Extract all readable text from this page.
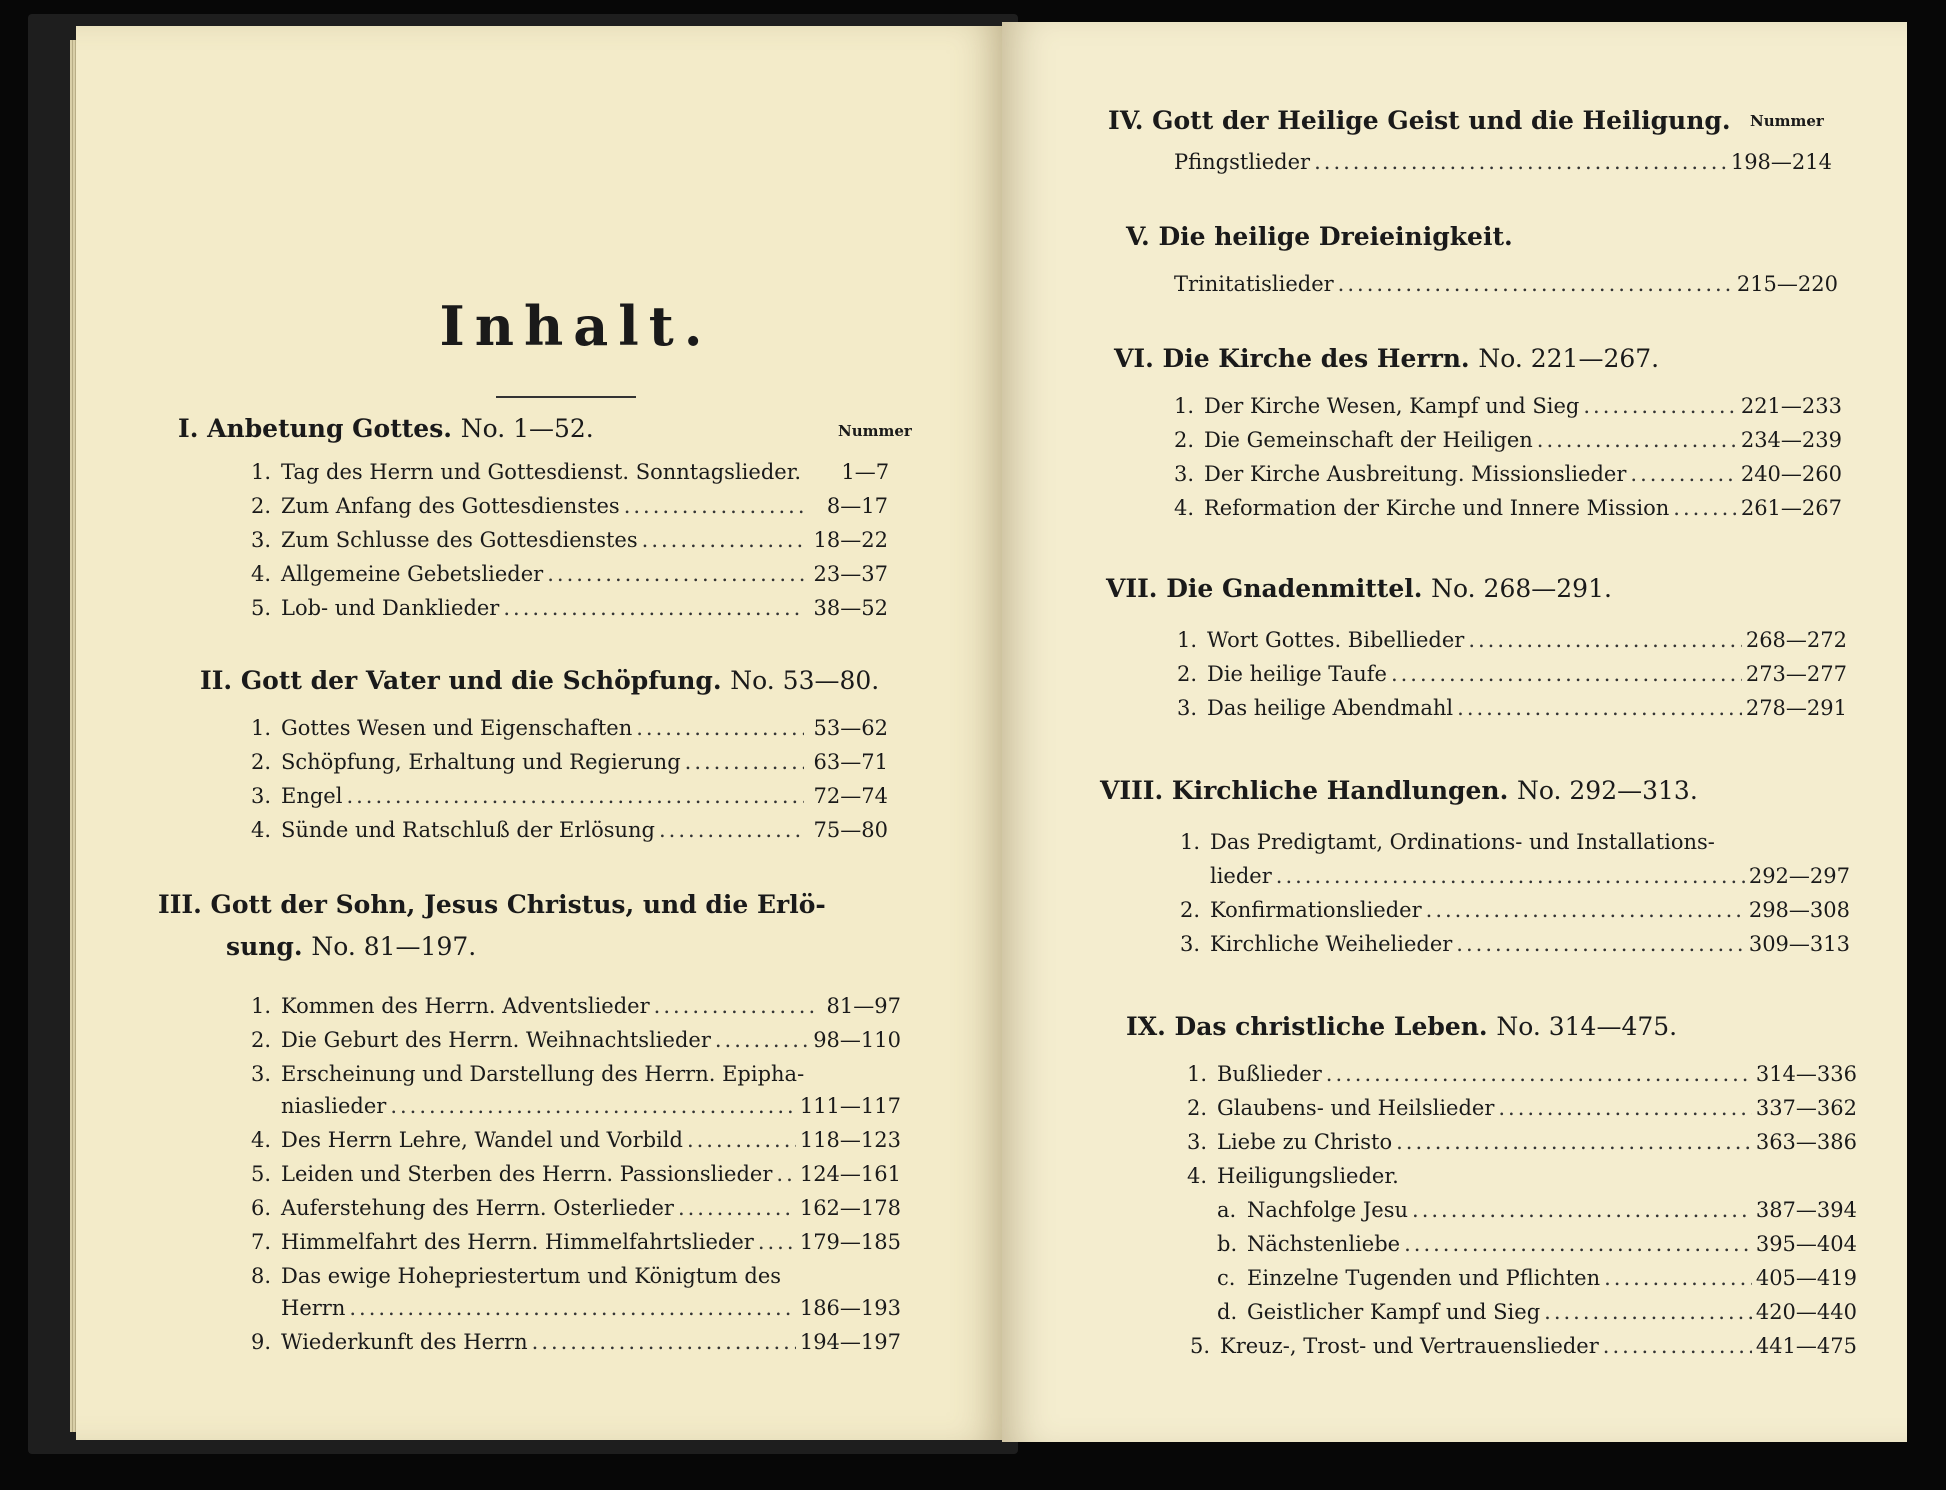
Inhalt.
Nummer
I. Anbetung Gottes. No. 1—52.
1. Tag des Herrn und Gottesdienst. Sonntagslieder.	1—7
2. Zum Anfang des Gottesdienstes .....	8—17
3. Zum Schlusse des Gottesdienstes .....	18—22
4. Allgemeine Gebetslieder .....	23—37
5. Lob- und Danklieder .....	38—52
II. Gott der Vater und die Schöpfung. No. 53—80.
1. Gottes Wesen und Eigenschaften .....	53—62
2. Schöpfung, Erhaltung und Regierung .....	63—71
3. Engel .....	72—74
4. Sünde und Ratschluß der Erlösung .....	75—80
III. Gott der Sohn, Jesus Christus, und die Erlö-
sung. No. 81—197.
1. Kommen des Herrn. Adventslieder .....	81—97
2. Die Geburt des Herrn. Weihnachtslieder .....	98—110
3. Erscheinung und Darstellung des Herrn. Epipha-
niaslieder .....	111—117
4. Des Herrn Lehre, Wandel und Vorbild .....	118—123
5. Leiden und Sterben des Herrn. Passionslieder ..... 124—161
6. Auferstehung des Herrn. Osterlieder .....	162—178
7. Himmelfahrt des Herrn. Himmelfahrtslieder ..... 179—185
8. Das ewige Hohepriestertum und Königtum des
Herrn .....	186—193
9. Wiederkunft des Herrn .....	194—197
IV. Gott der Heilige Geist und die Heiligung. Nummer
Pfingstlieder .....	198—214
V. Die heilige Dreieinigkeit.
Trinitatislieder .....	215—220
VI. Die Kirche des Herrn. No. 221—267.
1. Der Kirche Wesen, Kampf und Sieg .....	221—233
2. Die Gemeinschaft der Heiligen .....	234—239
3. Der Kirche Ausbreitung. Missionslieder .....	240—260
4. Reformation der Kirche und Innere Mission .....	261—267
VII. Die Gnadenmittel. No. 268—291.
1. Wort Gottes. Bibellieder .....	268—272
2. Die heilige Taufe .....	273—277
3. Das heilige Abendmahl .....	278—291
VIII. Kirchliche Handlungen. No. 292—313.
1. Das Predigtamt, Ordinations- und Installations-
lieder .....	292—297
2. Konfirmationslieder .....	298—308
3. Kirchliche Weihelieder .....	309—313
IX. Das christliche Leben. No. 314—475.
1. Bußlieder .....	314—336
2. Glaubens- und Heilslieder .....	337—362
3. Liebe zu Christo .....	363—386
4. Heiligungslieder.
a. Nachfolge Jesu .....	387—394
b. Nächstenliebe .....	395—404
c. Einzelne Tugenden und Pflichten .....	405—419
d. Geistlicher Kampf und Sieg .....	420—440
5. Kreuz-, Trost- und Vertrauenslieder .....	441—475
